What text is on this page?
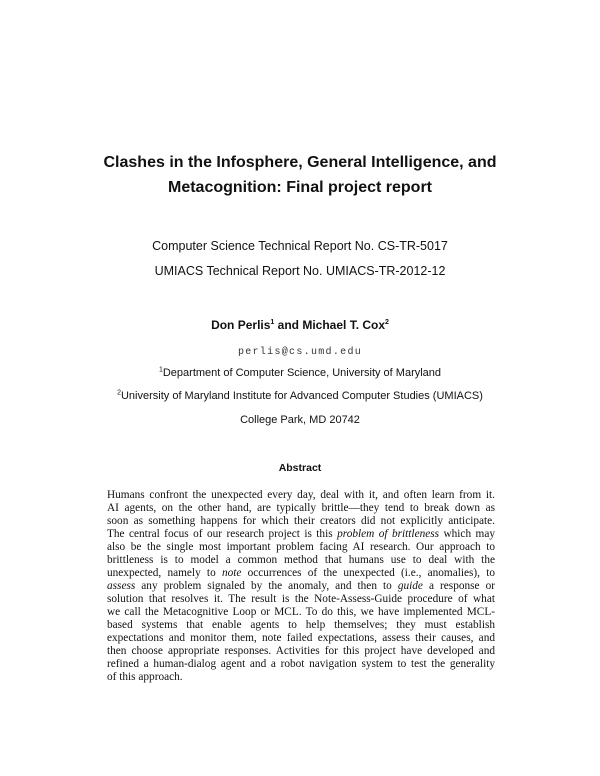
Clashes in the Infosphere, General Intelligence, and
Metacognition: Final project report
Computer Science Technical Report No. CS-TR-5017
UMIACS Technical Report No. UMIACS-TR-2012-12
Don Perlis$^1$ and Michael T. Cox$^2$
perlis@cs.umd.edu
$^1$Department of Computer Science, University of Maryland
$^2$University of Maryland Institute for Advanced Computer Studies (UMIACS)
College Park, MD 20742
Abstract
Humans confront the unexpected every day, deal with it, and often learn from it.
AI agents, on the other hand, are typically brittle—they tend to break down as
soon as something happens for which their creators did not explicitly anticipate.
The central focus of our research project is this problem of brittleness which may
also be the single most important problem facing AI research. Our approach to
brittleness is to model a common method that humans use to deal with the
unexpected, namely to note occurrences of the unexpected (i.e., anomalies), to
assess any problem signaled by the anomaly, and then to guide a response or
solution that resolves it. The result is the Note-Assess-Guide procedure of what
we call the Metacognitive Loop or MCL. To do this, we have implemented MCL-
based systems that enable agents to help themselves; they must establish
expectations and monitor them, note failed expectations, assess their causes, and
then choose appropriate responses. Activities for this project have developed and
refined a human-dialog agent and a robot navigation system to test the generality
of this approach.
